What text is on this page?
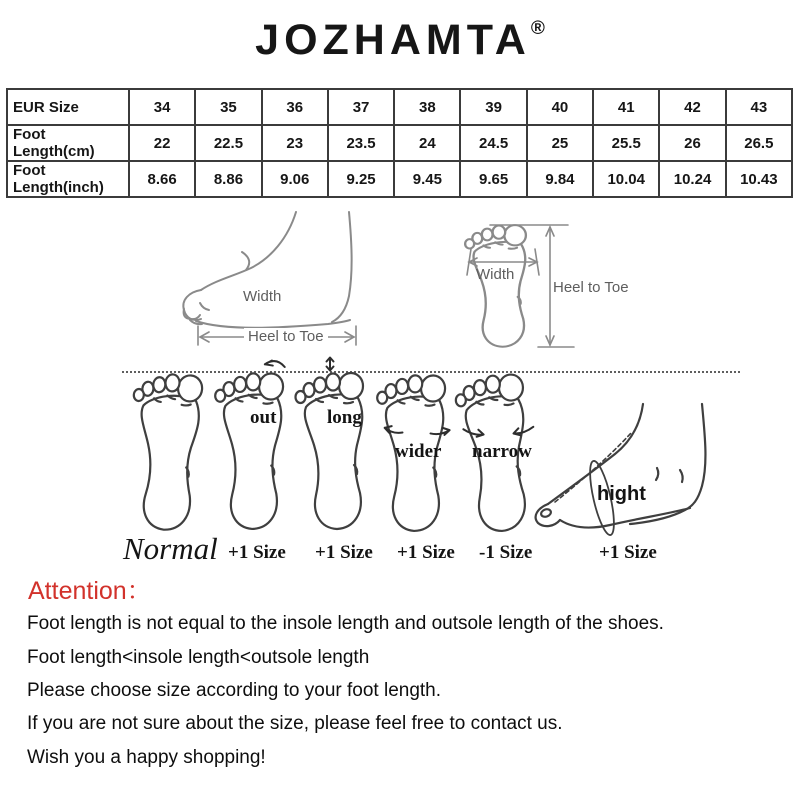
JOZHAMTA®
EUR Size	34	35	36	37	38	39	40	41	42	43
Foot Length(cm)	22	22.5	23	23.5	24	24.5	25	25.5	26	26.5
Foot Length(inch)	8.66	8.86	9.06	9.25	9.45	9.65	9.84	10.04	10.24	10.43
Width
Heel to Toe
Width
Heel to Toe
out	long
wider narrow
hight
Normal +1 Size +1 Size +1 Size -1 Size	+1 Size
Attention：
Foot length is not equal to the insole length and outsole length of the shoes.
Foot length<insole length<outsole length
Please choose size according to your foot length.
If you are not sure about the size, please feel free to contact us.
Wish you a happy shopping!
